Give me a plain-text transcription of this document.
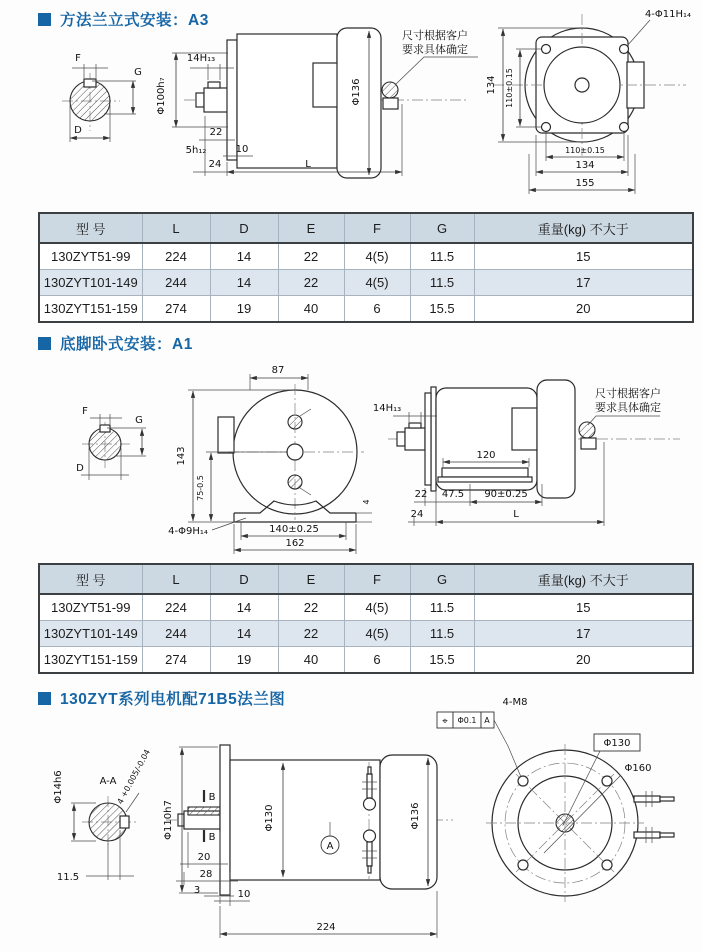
方法兰立式安装：A3
F
G
D
14H₁₃
Φ100h₇
22
5h₁₂	10
24	L
Φ136
尺寸根据客户
要求具体确定
4-Φ11H₁₄
134 110±0.15
110±0.15
134
155
型 号	L	D	E	F	G	重量(kg) 不大于
130ZYT51-99	224	14	22	4(5)	11.5	15
130ZYT101-149	244	14	22	4(5)	11.5	17
130ZYT151-159	274	19	40	6	15.5	20
底脚卧式安装：A1
F
G
D
87
143
75-0.5
4
4-Φ9H₁₄	140±0.25
162
14H₁₃
120
22 47.5 90±0.25
24	L
尺寸根据客户
要求具体确定
型 号	L	D	E	F	G	重量(kg) 不大于
130ZYT51-99	224	14	22	4(5)	11.5	15
130ZYT101-149	244	14	22	4(5)	11.5	17
130ZYT151-159	274	19	40	6	15.5	20
130ZYT系列电机配71B5法兰图
A-A
Φ14h6	4 +0.005/-0.04
11.5
B
B
Φ110h7
20
28
3	10
224
Φ130
A
Φ136
4-M8
⌖ Φ0.1 A
Φ130
Φ160
